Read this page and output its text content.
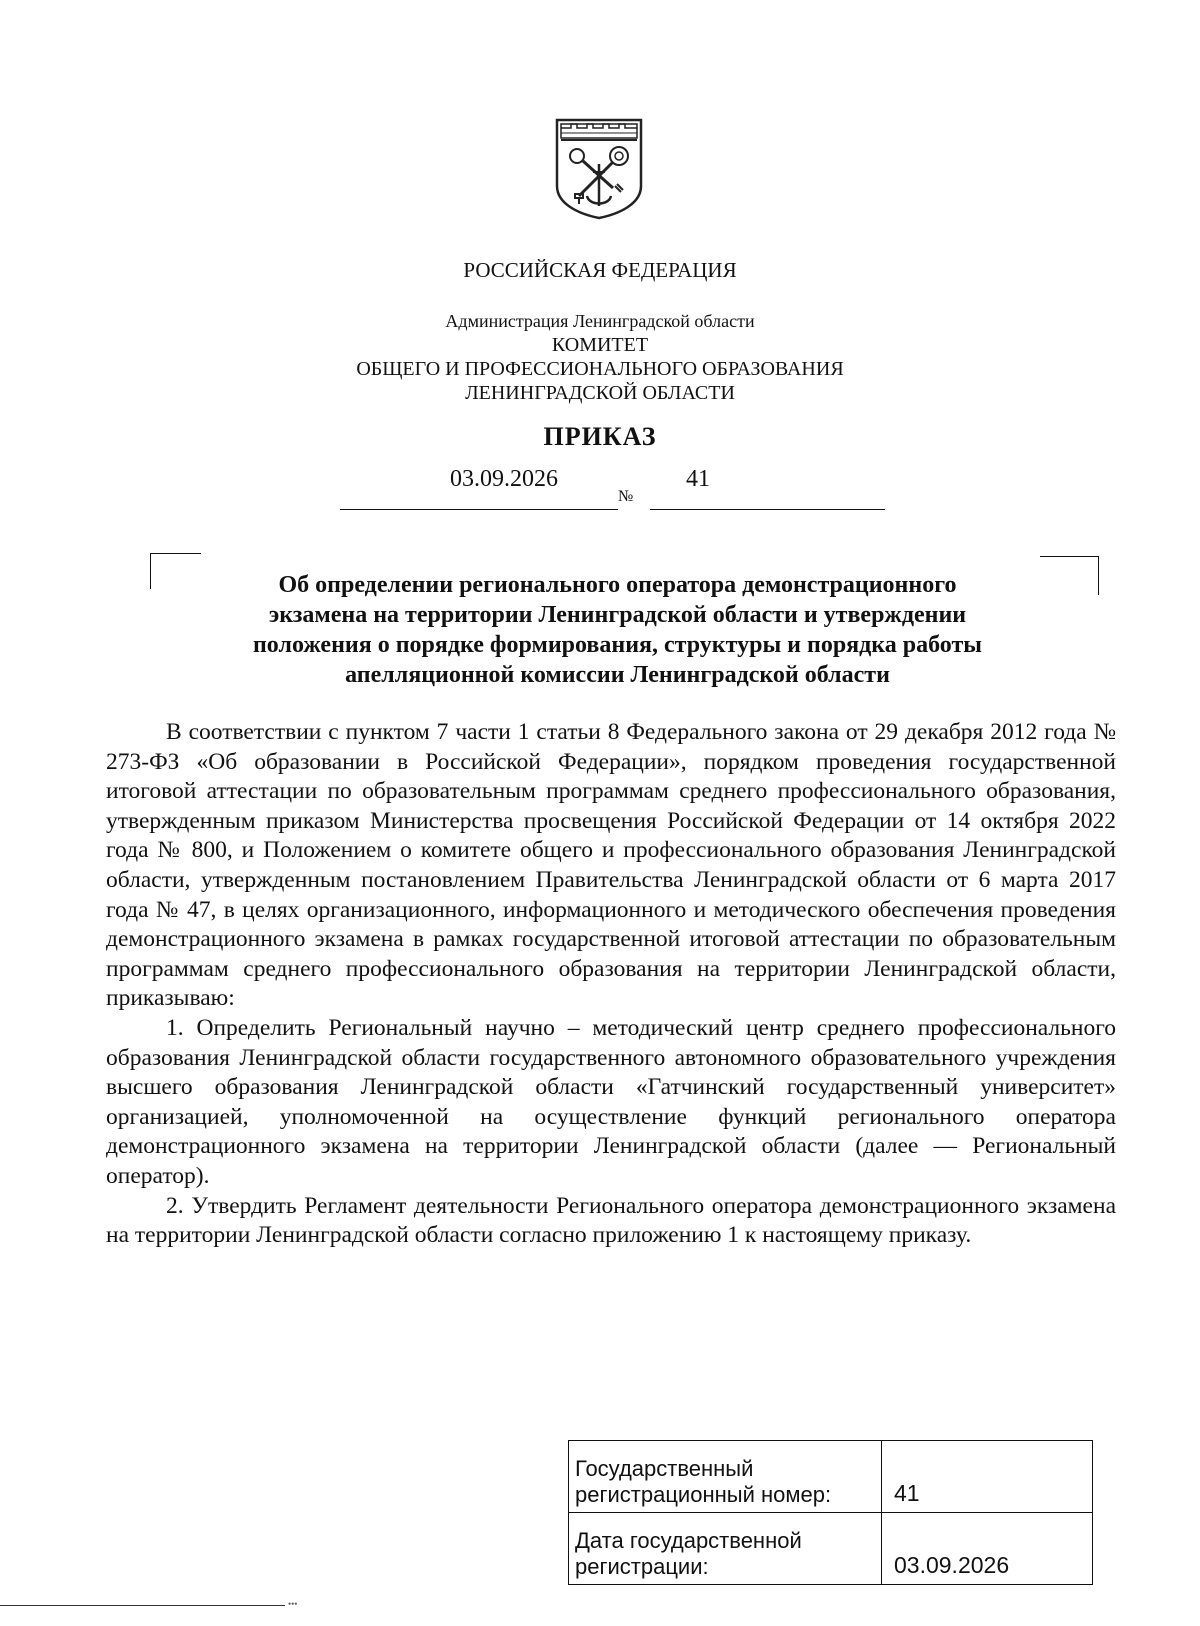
РОССИЙСКАЯ ФЕДЕРАЦИЯ
Администрация Ленинградской области
КОМИТЕТ
ОБЩЕГО И ПРОФЕССИОНАЛЬНОГО ОБРАЗОВАНИЯ
ЛЕНИНГРАДСКОЙ ОБЛАСТИ
ПРИКАЗ
03.09.2026
№
41
Об определении регионального оператора демонстрационного
экзамена на территории Ленинградской области и утверждении
положения о порядке формирования, структуры и порядка работы
апелляционной комиссии Ленинградской области

В соответствии с пунктом 7 части 1 статьи 8 Федерального закона от 29 декабря 2012 года № 273-ФЗ «Об образовании в Российской Федерации», порядком проведения государственной итоговой аттестации по образовательным программам среднего профессионального образования, утвержденным приказом Министерства просвещения Российской Федерации от 14 октября 2022 года № 800, и Положением о комитете общего и профессионального образования Ленинградской области, утвержденным постановлением Правительства Ленинградской области от 6 марта 2017 года № 47, в целях организационного, информационного и методического обеспечения проведения демонстрационного экзамена в рамках государственной итоговой аттестации по образовательным программам среднего профессионального образования на территории Ленинградской области, приказываю:

1. Определить Региональный научно – методический центр среднего профессионального образования Ленинградской области государственного автономного образовательного учреждения высшего образования Ленинградской области «Гатчинский государственный университет» организацией, уполномоченной на осуществление функций регионального оператора демонстрационного экзамена на территории Ленинградской области (далее — Региональный оператор).

2. Утвердить Регламент деятельности Регионального оператора демонстрационного экзамена на территории Ленинградской области согласно приложению 1 к настоящему приказу.

Государственный
регистрационный номер:	41

Дата государственной
регистрации:	03.09.2026
•••
